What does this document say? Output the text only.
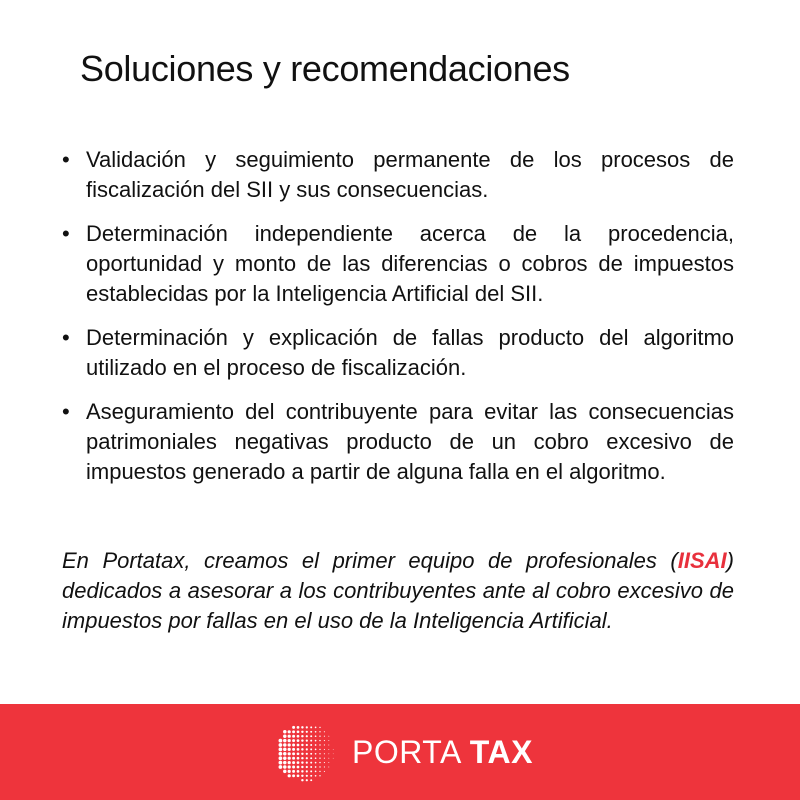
Soluciones y recomendaciones
• Validación y seguimiento permanente de los procesos de fiscalización del SII y sus consecuencias.
• Determinación independiente acerca de la procedencia, oportunidad y monto de las diferencias o cobros de impuestos establecidas por la Inteligencia Artificial del SII.
• Determinación y explicación de fallas producto del algoritmo utilizado en el proceso de fiscalización.
• Aseguramiento del contribuyente para evitar las consecuencias patrimoniales negativas producto de un cobro excesivo de impuestos generado a partir de alguna falla en el algoritmo.

En Portatax, creamos el primer equipo de profesionales (IISAI) dedicados a asesorar a los contribuyentes ante al cobro excesivo de impuestos por fallas en el uso de la Inteligencia Artificial.

PORTA TAX
